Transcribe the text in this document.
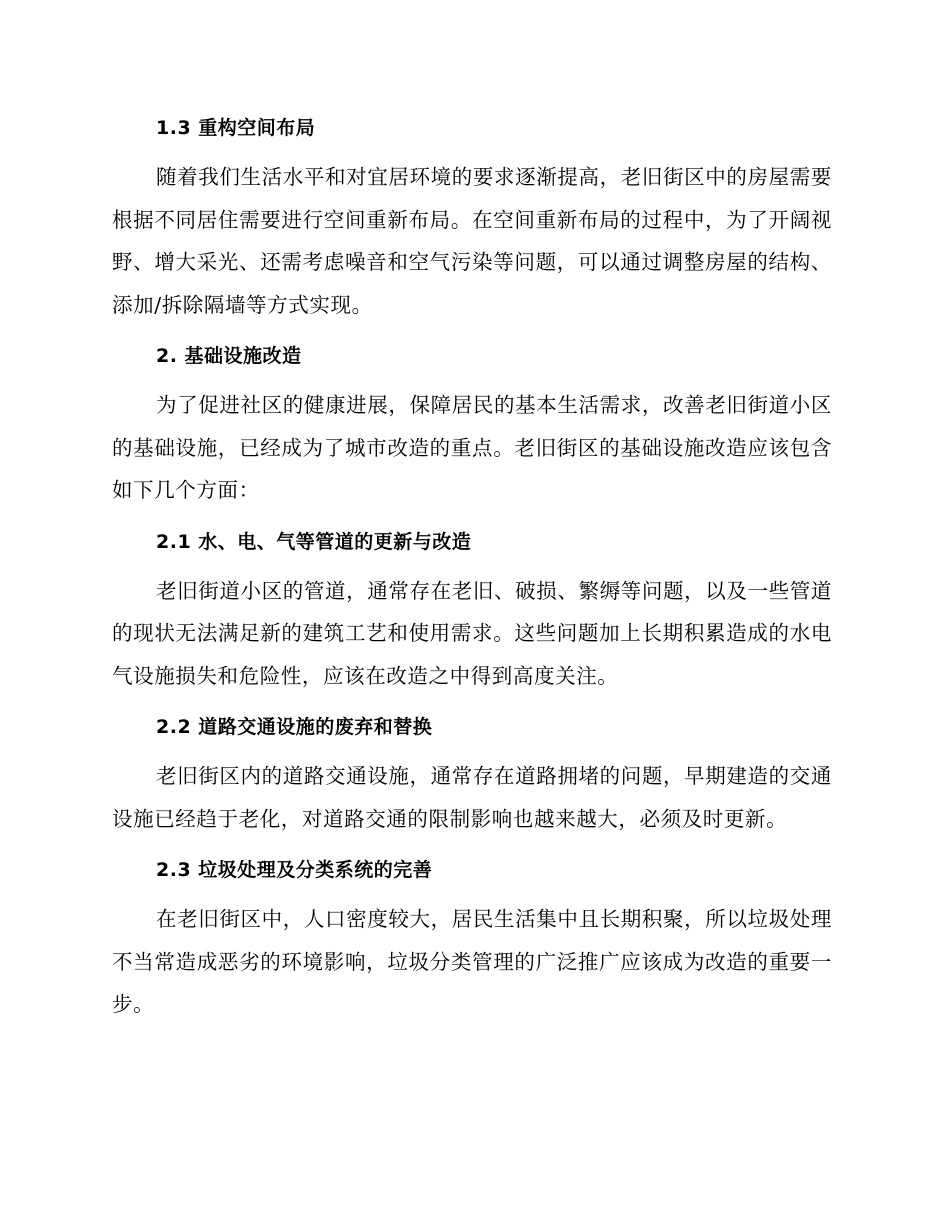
1.3 重构空间布局

随着我们生活水平和对宜居环境的要求逐渐提高，老旧街区中的房屋需要根据不同居住需要进行空间重新布局。在空间重新布局的过程中，为了开阔视野、增大采光、还需考虑噪音和空气污染等问题，可以通过调整房屋的结构、添加/拆除隔墙等方式实现。

2. 基础设施改造

为了促进社区的健康进展，保障居民的基本生活需求，改善老旧街道小区的基础设施，已经成为了城市改造的重点。老旧街区的基础设施改造应该包含如下几个方面：

2.1 水、电、气等管道的更新与改造

老旧街道小区的管道，通常存在老旧、破损、繁缛等问题，以及一些管道的现状无法满足新的建筑工艺和使用需求。这些问题加上长期积累造成的水电气设施损失和危险性，应该在改造之中得到高度关注。

2.2 道路交通设施的废弃和替换

老旧街区内的道路交通设施，通常存在道路拥堵的问题，早期建造的交通设施已经趋于老化，对道路交通的限制影响也越来越大，必须及时更新。

2.3 垃圾处理及分类系统的完善

在老旧街区中，人口密度较大，居民生活集中且长期积聚，所以垃圾处理不当常造成恶劣的环境影响，垃圾分类管理的广泛推广应该成为改造的重要一步。
